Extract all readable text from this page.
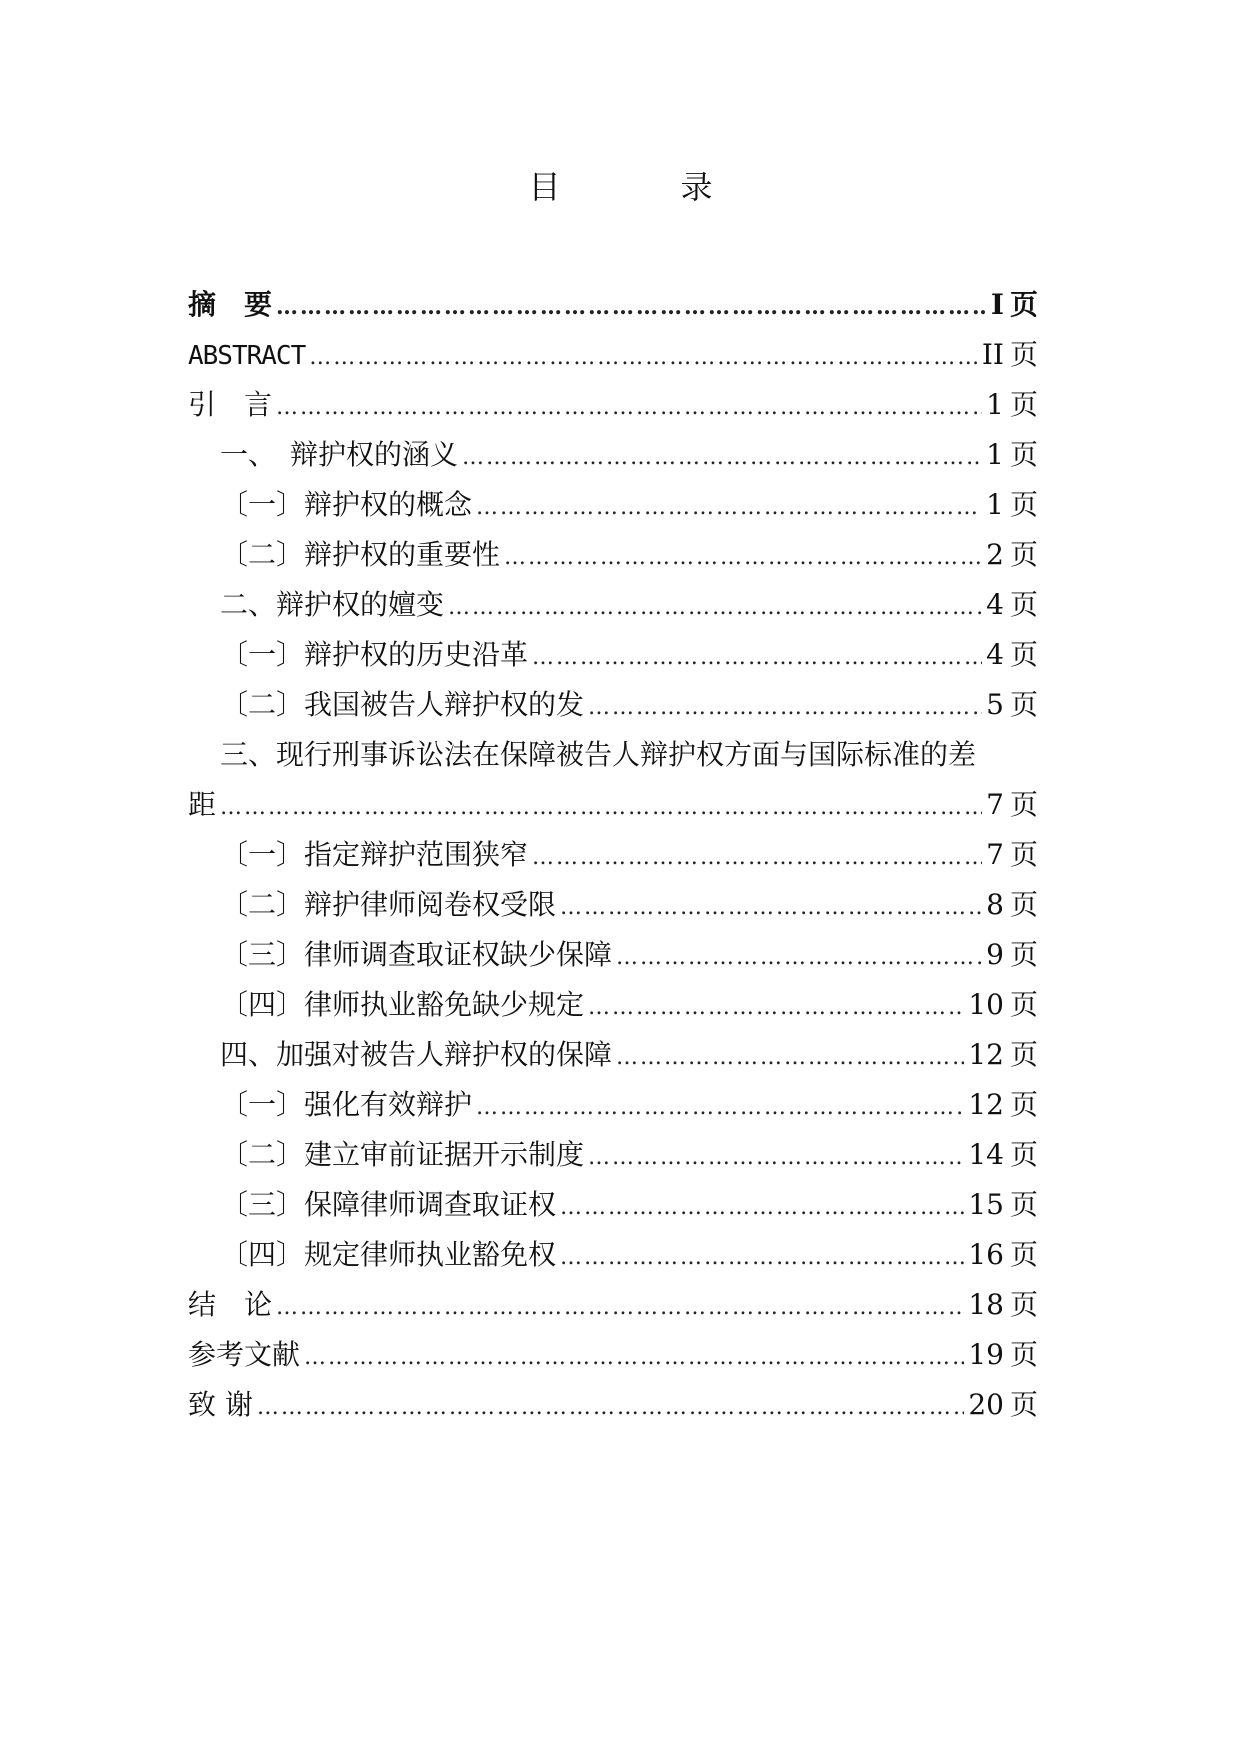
目	录
摘　要 …………………………………………………………………………………………………………………………………………………………	I 页
ABSTRACT …………………………………………………………………………………………………………………………………………………………	II 页
引　言 …………………………………………………………………………………………………………………………………………………………	1 页
一、　辩护权的涵义 …………………………………………………………………………………………………………………………………………………………	1 页
〔一〕辩护权的概念 …………………………………………………………………………………………………………………………………………………………	1 页
〔二〕辩护权的重要性 …………………………………………………………………………………………………………………………………………………………	2 页
二、辩护权的嬗变 …………………………………………………………………………………………………………………………………………………………	4 页
〔一〕辩护权的历史沿革 …………………………………………………………………………………………………………………………………………………………	4 页
〔二〕我国被告人辩护权的发 …………………………………………………………………………………………………………………………………………………………	5 页
三、现行刑事诉讼法在保障被告人辩护权方面与国际标准的差
距 …………………………………………………………………………………………………………………………………………………………	7 页
〔一〕指定辩护范围狭窄 …………………………………………………………………………………………………………………………………………………………	7 页
〔二〕辩护律师阅卷权受限 …………………………………………………………………………………………………………………………………………………………	8 页
〔三〕律师调查取证权缺少保障 …………………………………………………………………………………………………………………………………………………………	9 页
〔四〕律师执业豁免缺少规定 …………………………………………………………………………………………………………………………………………………………	10 页
四、加强对被告人辩护权的保障 …………………………………………………………………………………………………………………………………………………………	12 页
〔一〕强化有效辩护 …………………………………………………………………………………………………………………………………………………………	12 页
〔二〕建立审前证据开示制度 …………………………………………………………………………………………………………………………………………………………	14 页
〔三〕保障律师调查取证权 …………………………………………………………………………………………………………………………………………………………	15 页
〔四〕规定律师执业豁免权 …………………………………………………………………………………………………………………………………………………………	16 页
结　论 …………………………………………………………………………………………………………………………………………………………	18 页
参考文献 …………………………………………………………………………………………………………………………………………………………	19 页
致 谢 …………………………………………………………………………………………………………………………………………………………	20 页
